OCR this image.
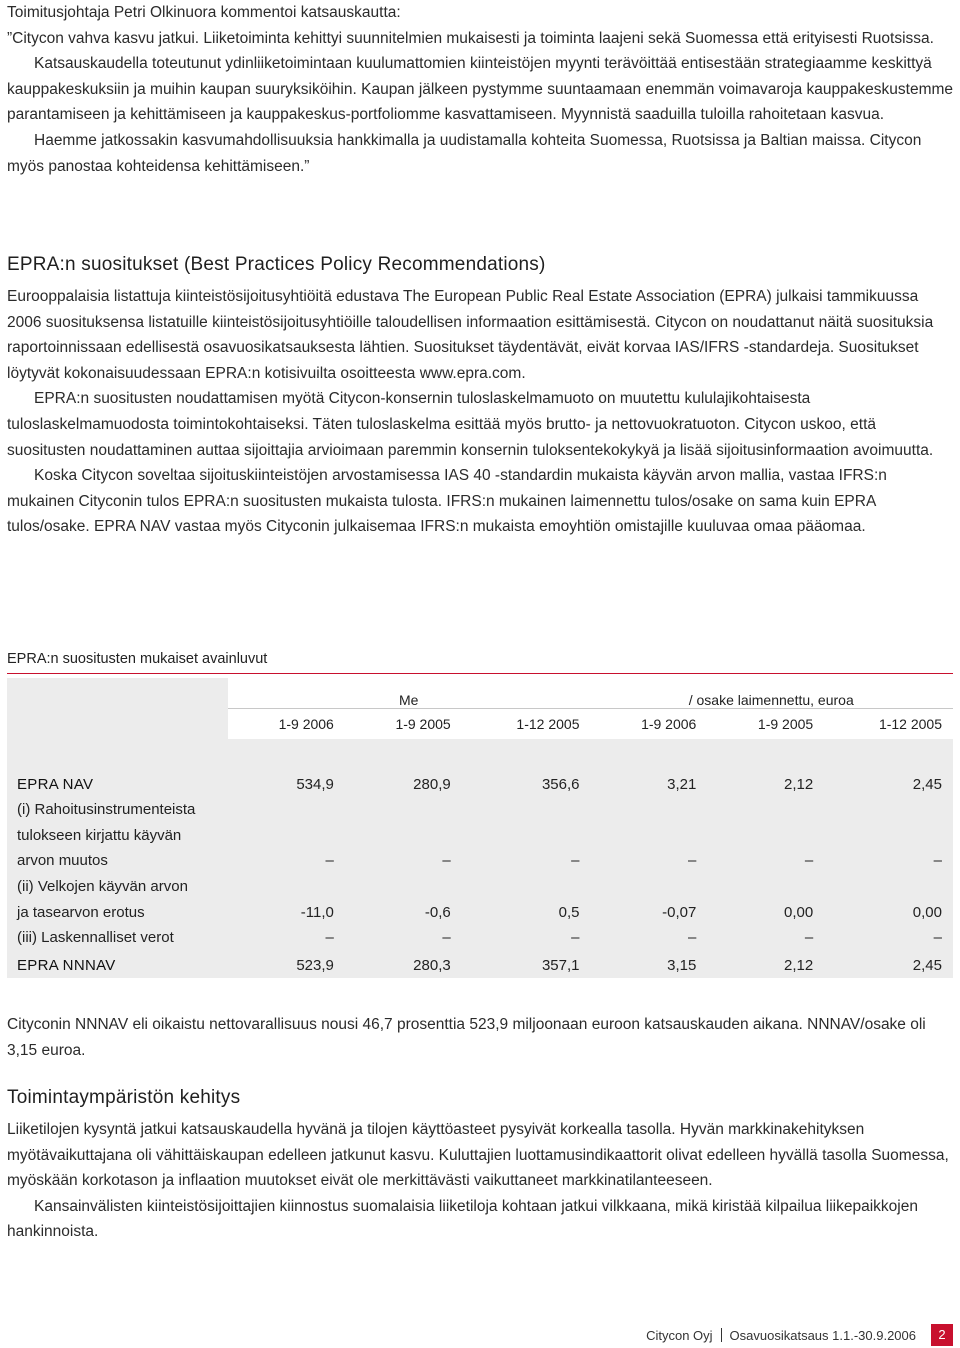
Toimitusjohtaja Petri Olkinuora kommentoi katsauskautta:

”Citycon vahva kasvu jatkui. Liiketoiminta kehittyi suunnitelmien mukaisesti ja toiminta laajeni sekä Suomessa että erityisesti Ruotsissa.

Katsauskaudella toteutunut ydinliiketoimintaan kuulumattomien kiinteistöjen myynti terävöittää entisestään strategiaamme keskittyä kauppakeskuksiin ja muihin kaupan suuryksiköihin. Kaupan jälkeen pystymme suuntaamaan enemmän voimavaroja kauppakeskustemme parantamiseen ja kehittämiseen ja kauppakeskus-portfoliomme kasvattamiseen. Myynnistä saaduilla tuloilla rahoitetaan kasvua.

Haemme jatkossakin kasvumahdollisuuksia hankkimalla ja uudistamalla kohteita Suomessa, Ruotsissa ja Baltian maissa. Citycon myös panostaa kohteidensa kehittämiseen.”

EPRA:n suositukset (Best Practices Policy Recommendations)

Eurooppalaisia listattuja kiinteistösijoitusyhtiöitä edustava The European Public Real Estate Association (EPRA) julkaisi tammikuussa 2006 suosituksensa listatuille kiinteistösijoitusyhtiöille taloudellisen informaation esittämisestä. Citycon on noudattanut näitä suosituksia raportoinnissaan edellisestä osavuosikatsauksesta lähtien. Suositukset täydentävät, eivät korvaa IAS/IFRS -standardeja. Suositukset löytyvät kokonaisuudessaan EPRA:n kotisivuilta osoitteesta www.epra.com.

EPRA:n suositusten noudattamisen myötä Citycon-konsernin tuloslaskelmamuoto on muutettu kululajikohtaisesta tuloslaskelmamuodosta toimintokohtaiseksi. Täten tuloslaskelma esittää myös brutto- ja nettovuokratuoton. Citycon uskoo, että suositusten noudattaminen auttaa sijoittajia arvioimaan paremmin konsernin tuloksentekokykyä ja lisää sijoitusinformaation avoimuutta.

Koska Citycon soveltaa sijoituskiinteistöjen arvostamisessa IAS 40 -standardin mukaista käyvän arvon mallia, vastaa IFRS:n mukainen Cityconin tulos EPRA:n suositusten mukaista tulosta. IFRS:n mukainen laimennettu tulos/osake on sama kuin EPRA tulos/osake. EPRA NAV vastaa myös Cityconin julkaisemaa IFRS:n mukaista emoyhtiön omistajille kuuluvaa omaa pääomaa.

EPRA:n suositusten mukaiset avainluvut
	Me			/ osake laimennettu, euroa		
	1-9 2006	1-9 2005	1-12 2005	1-9 2006	1-9 2005	1-12 2005

EPRA NAV	534,9	280,9	356,6	3,21	2,12	2,45
(i) Rahoitusinstrumenteista						
tulokseen kirjattu käyvän						
arvon muutos	–	–	–	–	–	–
(ii) Velkojen käyvän arvon						
ja tasearvon erotus	-11,0	-0,6	0,5	-0,07	0,00	0,00
(iii) Laskennalliset verot	–	–	–	–	–	–
EPRA NNNAV	523,9	280,3	357,1	3,15	2,12	2,45

Cityconin NNNAV eli oikaistu nettovarallisuus nousi 46,7 prosenttia 523,9 miljoonaan euroon katsauskauden aikana. NNNAV/osake oli 3,15 euroa.

Toimintaympäristön kehitys

Liiketilojen kysyntä jatkui katsauskaudella hyvänä ja tilojen käyttöasteet pysyivät korkealla tasolla. Hyvän markkinakehityksen myötävaikuttajana oli vähittäiskaupan edelleen jatkunut kasvu. Kuluttajien luottamusindikaattorit olivat edelleen hyvällä tasolla Suomessa, myöskään korkotason ja inflaation muutokset eivät ole merkittävästi vaikuttaneet markkinatilanteeseen.

Kansainvälisten kiinteistösijoittajien kiinnostus suomalaisia liiketiloja kohtaan jatkui vilkkaana, mikä kiristää kilpailua liikepaikkojen hankinnoista.

Citycon Oyj Osavuosikatsaus 1.1.-30.9.2006	2
